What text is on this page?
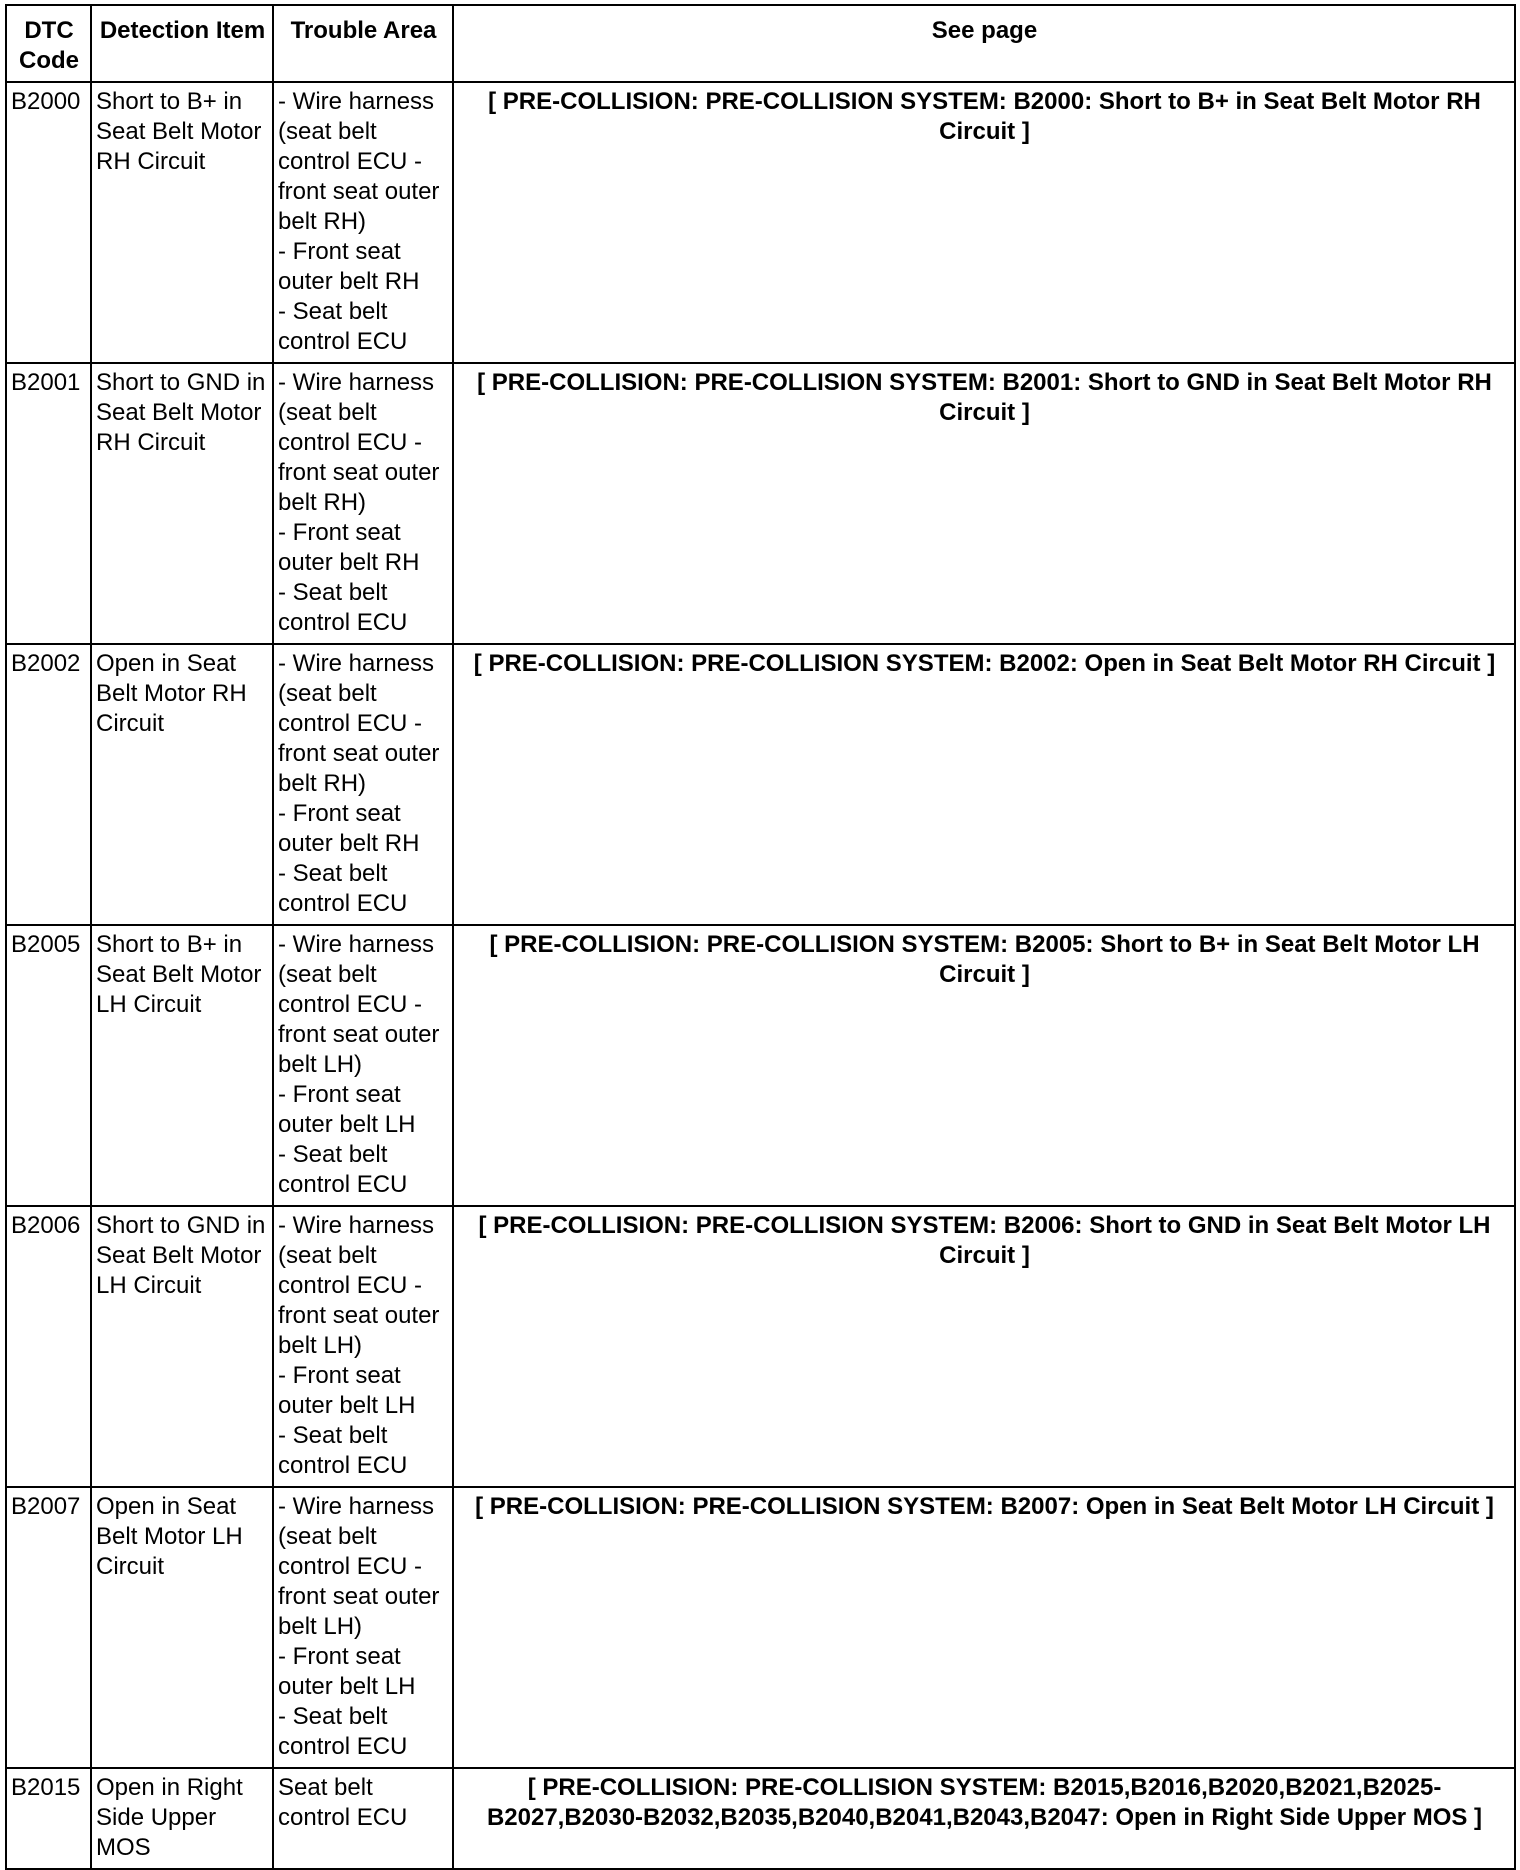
DTC Code	Detection Item	Trouble Area	See page
B2000	Short to B+ in Seat Belt Motor RH Circuit	- Wire harness (seat belt control ECU - front seat outer belt RH)
- Front seat outer belt RH
- Seat belt control ECU	[ PRE-COLLISION: PRE-COLLISION SYSTEM: B2000: Short to B+ in Seat Belt Motor RH Circuit ]
B2001	Short to GND in Seat Belt Motor RH Circuit	- Wire harness (seat belt control ECU - front seat outer belt RH)
- Front seat outer belt RH
- Seat belt control ECU	[ PRE-COLLISION: PRE-COLLISION SYSTEM: B2001: Short to GND in Seat Belt Motor RH Circuit ]
B2002	Open in Seat Belt Motor RH Circuit	- Wire harness (seat belt control ECU - front seat outer belt RH)
- Front seat outer belt RH
- Seat belt control ECU	[ PRE-COLLISION: PRE-COLLISION SYSTEM: B2002: Open in Seat Belt Motor RH Circuit ]
B2005	Short to B+ in Seat Belt Motor LH Circuit	- Wire harness (seat belt control ECU - front seat outer belt LH)
- Front seat outer belt LH
- Seat belt control ECU	[ PRE-COLLISION: PRE-COLLISION SYSTEM: B2005: Short to B+ in Seat Belt Motor LH Circuit ]
B2006	Short to GND in Seat Belt Motor LH Circuit	- Wire harness (seat belt control ECU - front seat outer belt LH)
- Front seat outer belt LH
- Seat belt control ECU	[ PRE-COLLISION: PRE-COLLISION SYSTEM: B2006: Short to GND in Seat Belt Motor LH Circuit ]
B2007	Open in Seat Belt Motor LH Circuit	- Wire harness (seat belt control ECU - front seat outer belt LH)
- Front seat outer belt LH
- Seat belt control ECU	[ PRE-COLLISION: PRE-COLLISION SYSTEM: B2007: Open in Seat Belt Motor LH Circuit ]
B2015	Open in Right Side Upper MOS	Seat belt control ECU	[ PRE-COLLISION: PRE-COLLISION SYSTEM: B2015,B2016,B2020,B2021,B2025-B2027,B2030-B2032,B2035,B2040,B2041,B2043,B2047: Open in Right Side Upper MOS ]
